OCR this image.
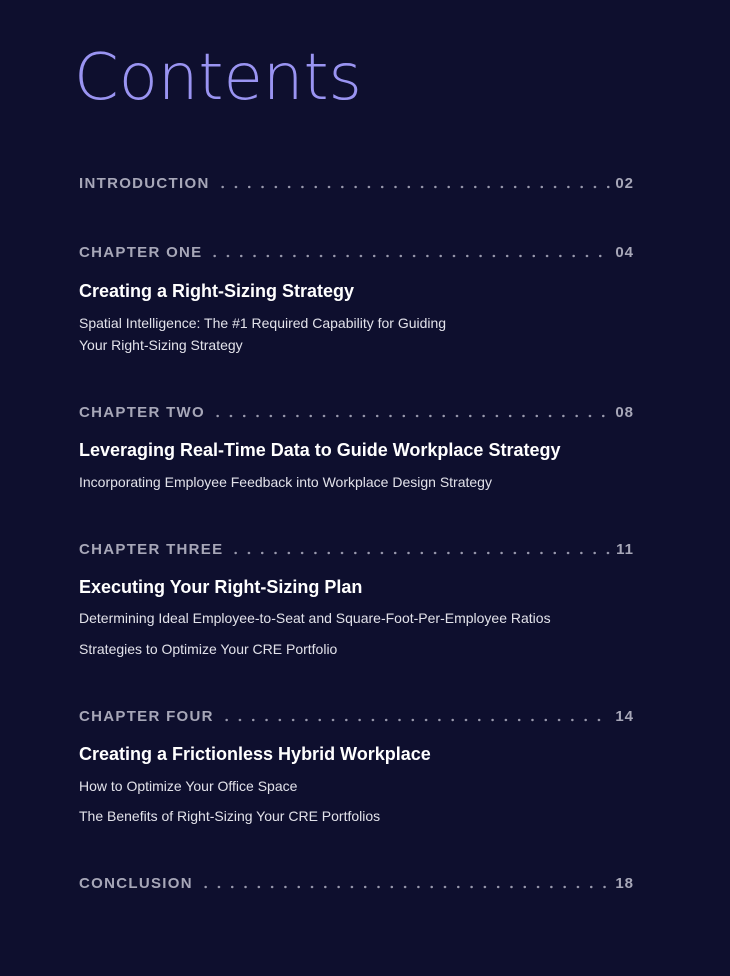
Contents
INTRODUCTION	02
CHAPTER ONE	04
Creating a Right-Sizing Strategy

Spatial Intelligence: The #1 Required Capability for Guiding

Your Right-Sizing Strategy

CHAPTER TWO	08
Leveraging Real-Time Data to Guide Workplace Strategy

Incorporating Employee Feedback into Workplace Design Strategy

CHAPTER THREE	11
Executing Your Right-Sizing Plan

Determining Ideal Employee-to-Seat and Square-Foot-Per-Employee Ratios

Strategies to Optimize Your CRE Portfolio

CHAPTER FOUR	14
Creating a Frictionless Hybrid Workplace

How to Optimize Your Office Space

The Benefits of Right-Sizing Your CRE Portfolios

CONCLUSION	18
